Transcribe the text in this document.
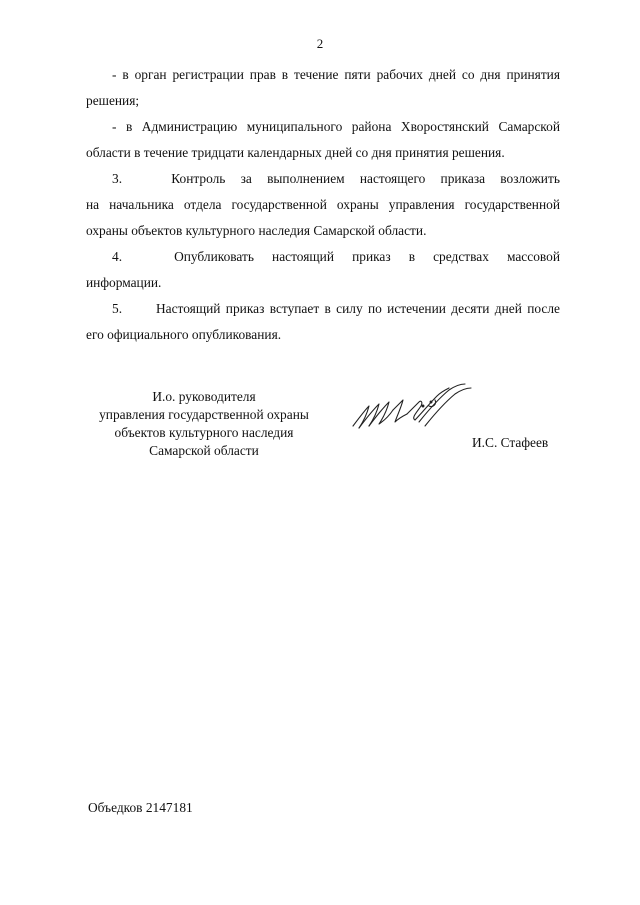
2
- в орган регистрации прав в течение пяти рабочих дней со дня принятия
решения;
- в Администрацию муниципального района Хворостянский Самарской
области в течение тридцати календарных дней со дня принятия решения.
3.	Контроль за выполнением настоящего приказа возложить
на начальника отдела государственной охраны управления государственной
охраны объектов культурного наследия Самарской области.
4.	Опубликовать настоящий приказ в средствах массовой
информации.
5.	Настоящий приказ вступает в силу по истечении десяти дней после
его официального опубликования.
И.о. руководителя
управления государственной охраны
объектов культурного наследия
Самарской области
И.С. Стафеев
Объедков 2147181
